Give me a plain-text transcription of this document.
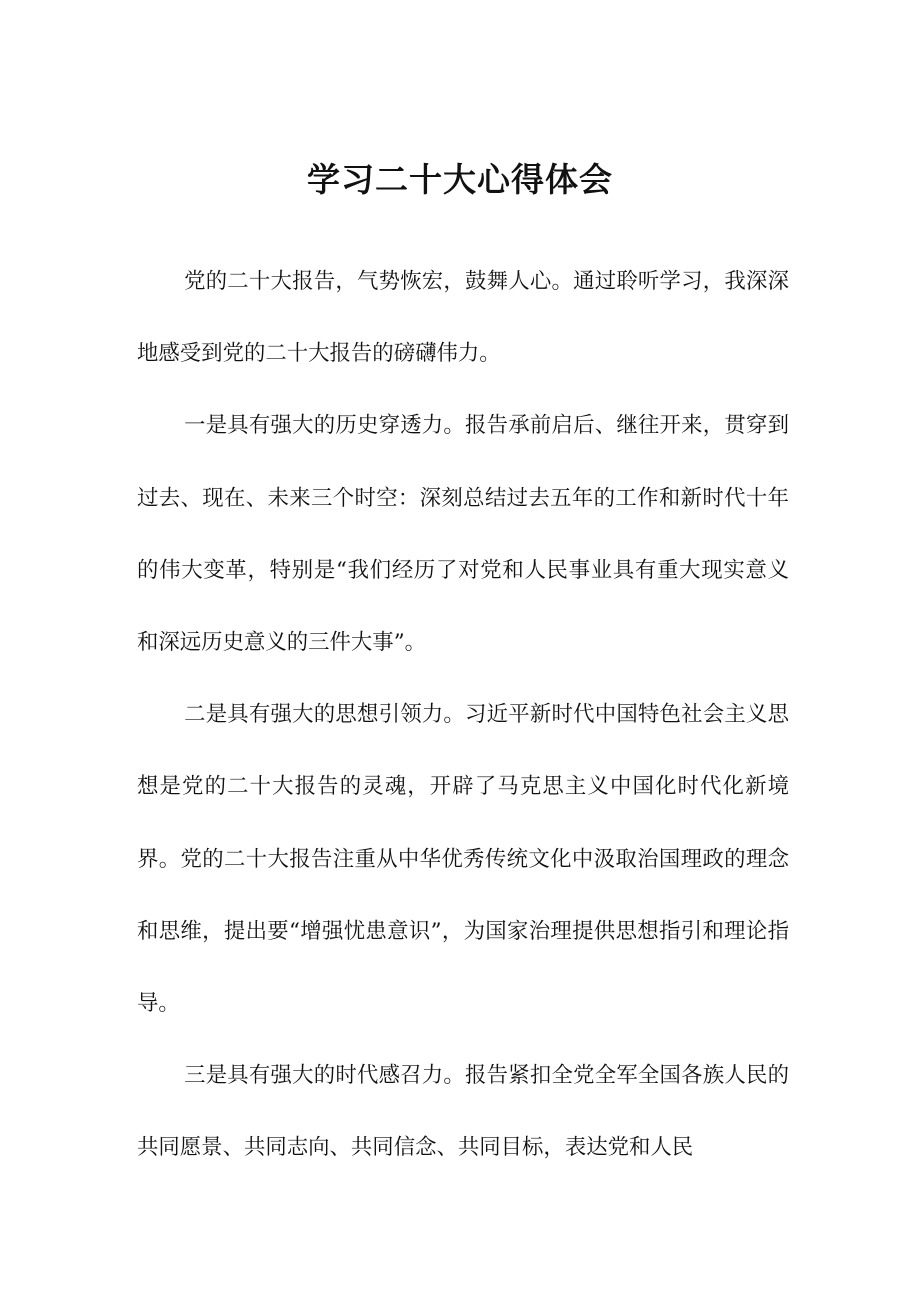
学习二十大心得体会

党的二十大报告，气势恢宏，鼓舞人心。通过聆听学习，我深深地感受到党的二十大报告的磅礴伟力。

一是具有强大的历史穿透力。报告承前启后、继往开来，贯穿到过去、现在、未来三个时空：深刻总结过去五年的工作和新时代十年的伟大变革，特别是“我们经历了对党和人民事业具有重大现实意义和深远历史意义的三件大事”。

二是具有强大的思想引领力。习近平新时代中国特色社会主义思想是党的二十大报告的灵魂，开辟了马克思主义中国化时代化新境界。党的二十大报告注重从中华优秀传统文化中汲取治国理政的理念和思维，提出要“增强忧患意识”，为国家治理提供思想指引和理论指导。

三是具有强大的时代感召力。报告紧扣全党全军全国各族人民的共同愿景、共同志向、共同信念、共同目标，表达党和人民
